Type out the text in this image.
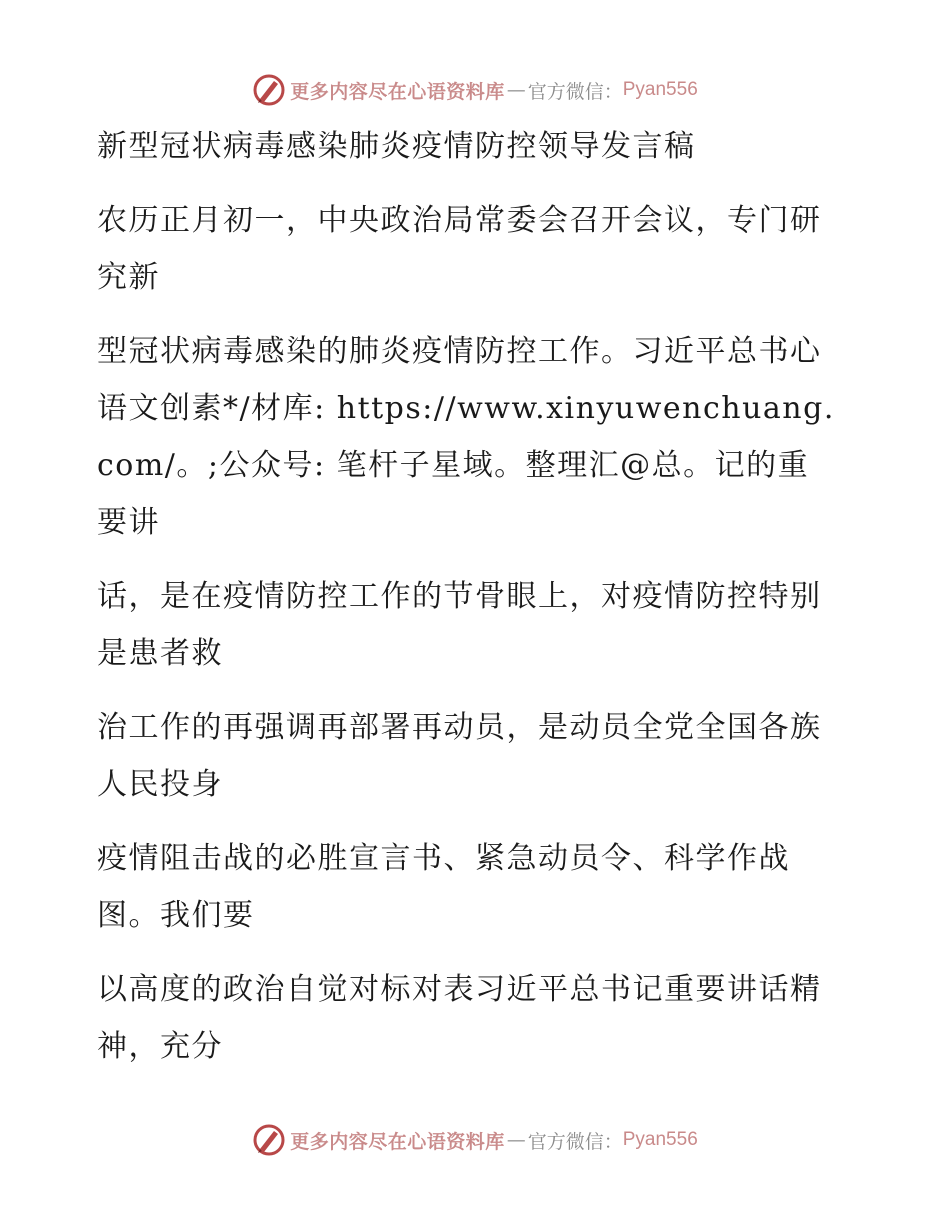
更多内容尽在心语资料库 — 官方微信： Pyan556

新型冠状病毒感染肺炎疫情防控领导发言稿

农历正月初一，中央政治局常委会召开会议，专门研究新

型冠状病毒感染的肺炎疫情防控工作。习近平总书心语文创素*/材库: https://www.xinyuwenchuang.com/。;公众号: 笔杆子星域。整理汇@总。记的重要讲

话，是在疫情防控工作的节骨眼上，对疫情防控特别是患者救

治工作的再强调再部署再动员，是动员全党全国各族人民投身

疫情阻击战的必胜宣言书、紧急动员令、科学作战图。我们要

以高度的政治自觉对标对表习近平总书记重要讲话精神，充分

更多内容尽在心语资料库 — 官方微信： Pyan556
